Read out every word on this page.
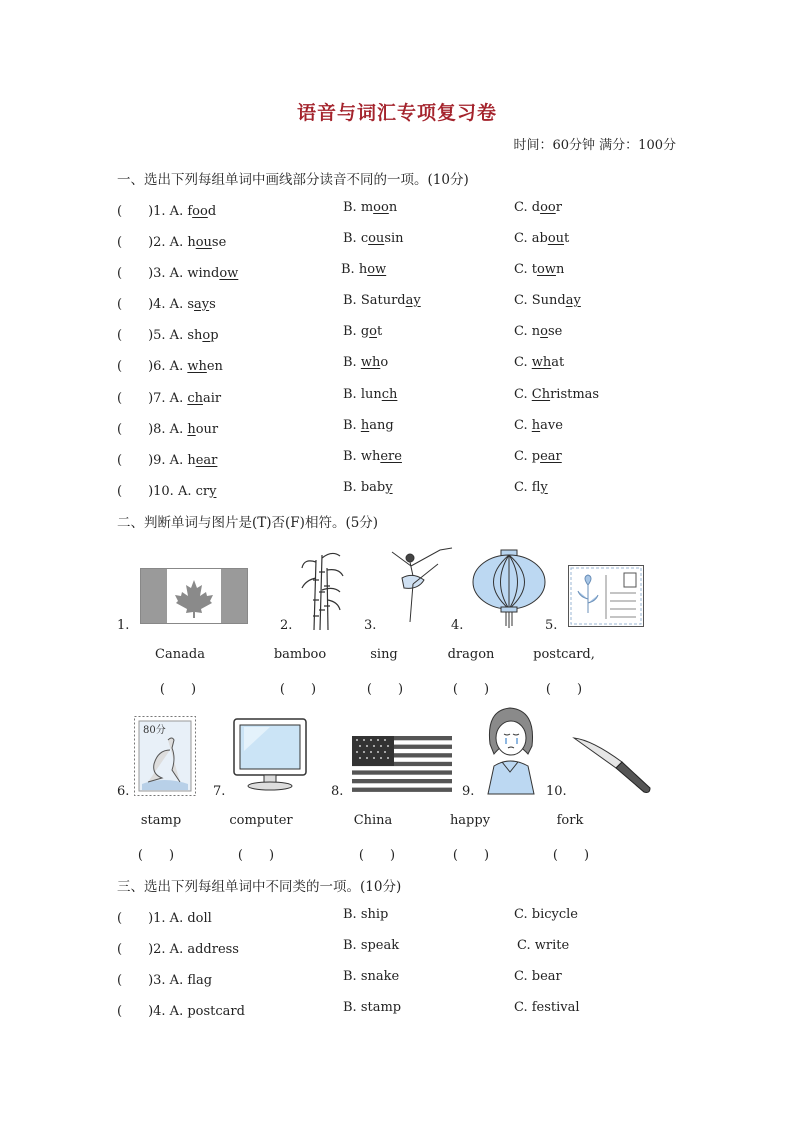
语音与词汇专项复习卷
时间：60分钟 满分：100分
一、选出下列每组单词中画线部分读音不同的一项。(10分)
(　　)1. A. food	B. moon	C. door
(　　)2. A. house	B. cousin	C. about
(　　)3. A. window	B. how	C. town
(　　)4. A. says	B. Saturday	C. Sunday
(　　)5. A. shop	B. got	C. nose
(　　)6. A. when	B. who	C. what
(　　)7. A. chair	B. lunch	C. Christmas
(　　)8. A. hour	B. hang	C. have
(　　)9. A. hear	B. where	C. pear
(　　)10. A. cry	B. baby	C. fly
二、判断单词与图片是(T)否(F)相符。(5分)
1.
Canada
(　　)
2.
bamboo
(　　)
3.
sing
(　　)
4.
dragon
(　　)
5.
postcard,
(　　)
80分
6.
stamp
(　　)
7.
computer
(　　)
8.
China
(　　)
9.
happy
(　　)
10.
fork
(　　)
三、选出下列每组单词中不同类的一项。(10分)
(　　)1. A. doll	B. ship	C. bicycle
(　　)2. A. address	B. speak	C. write
(　　)3. A. flag	B. snake	C. bear
(　　)4. A. postcard	B. stamp	C. festival
